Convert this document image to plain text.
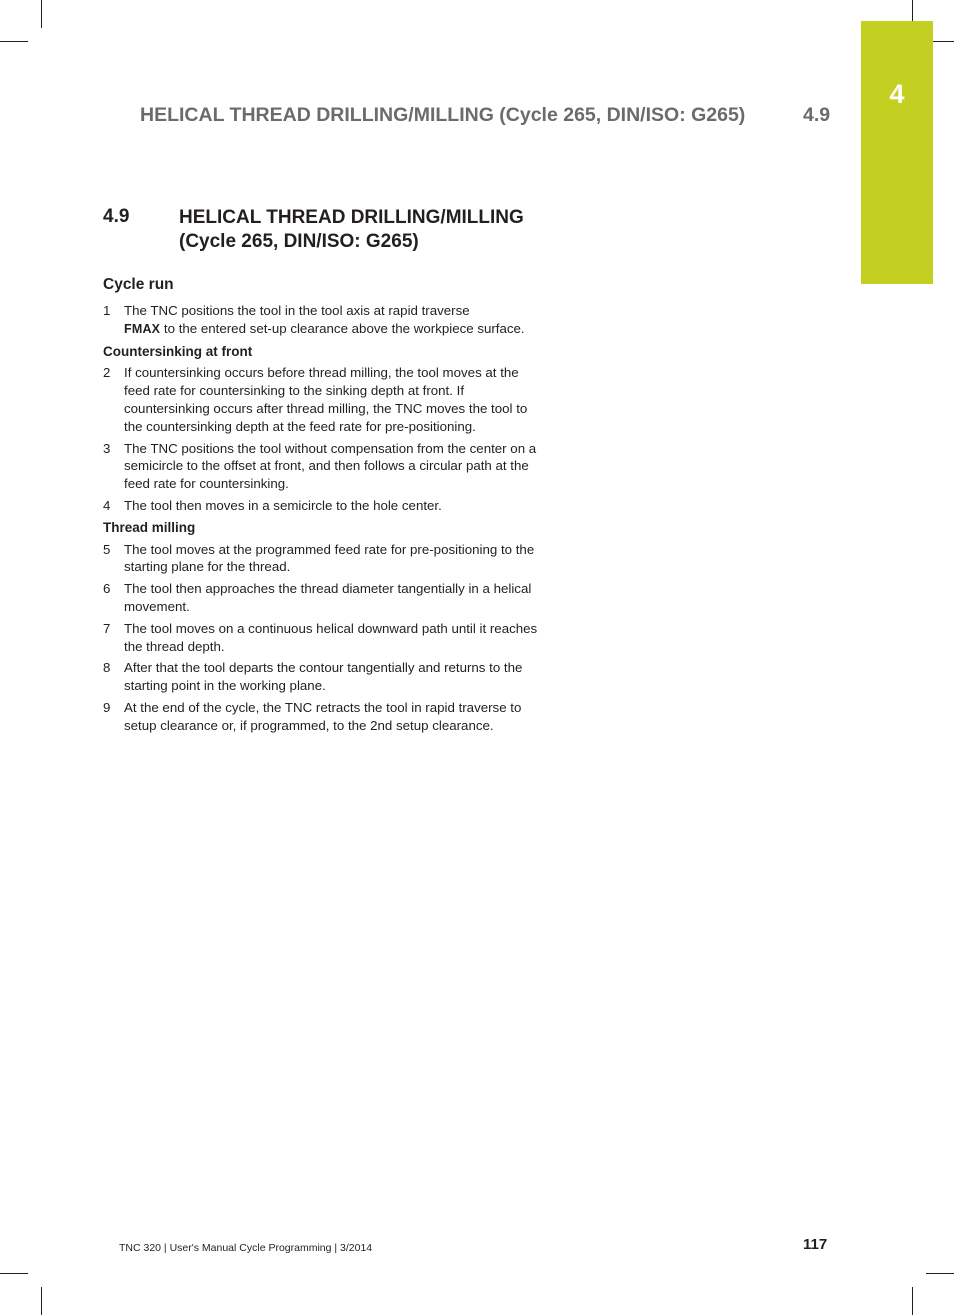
4
HELICAL THREAD DRILLING/MILLING (Cycle 265, DIN/ISO: G265)	4.9
4.9	HELICAL THREAD DRILLING/MILLING
(Cycle 265, DIN/ISO: G265)
Cycle run
1 The TNC positions the tool in the tool axis at rapid traverse
FMAX to the entered set-up clearance above the workpiece surface.
Countersinking at front
2 If countersinking occurs before thread milling, the tool moves at the feed rate for countersinking to the sinking depth at front. If countersinking occurs after thread milling, the TNC moves the tool to the countersinking depth at the feed rate for pre-positioning.
3 The TNC positions the tool without compensation from the center on a semicircle to the offset at front, and then follows a circular path at the feed rate for countersinking.
4 The tool then moves in a semicircle to the hole center.
Thread milling
5 The tool moves at the programmed feed rate for pre-positioning to the starting plane for the thread.
6 The tool then approaches the thread diameter tangentially in a helical movement.
7 The tool moves on a continuous helical downward path until it reaches the thread depth.
8 After that the tool departs the contour tangentially and returns to the starting point in the working plane.
9 At the end of the cycle, the TNC retracts the tool in rapid traverse to setup clearance or, if programmed, to the 2nd setup clearance.
TNC 320 | User's Manual Cycle Programming | 3/2014	117
